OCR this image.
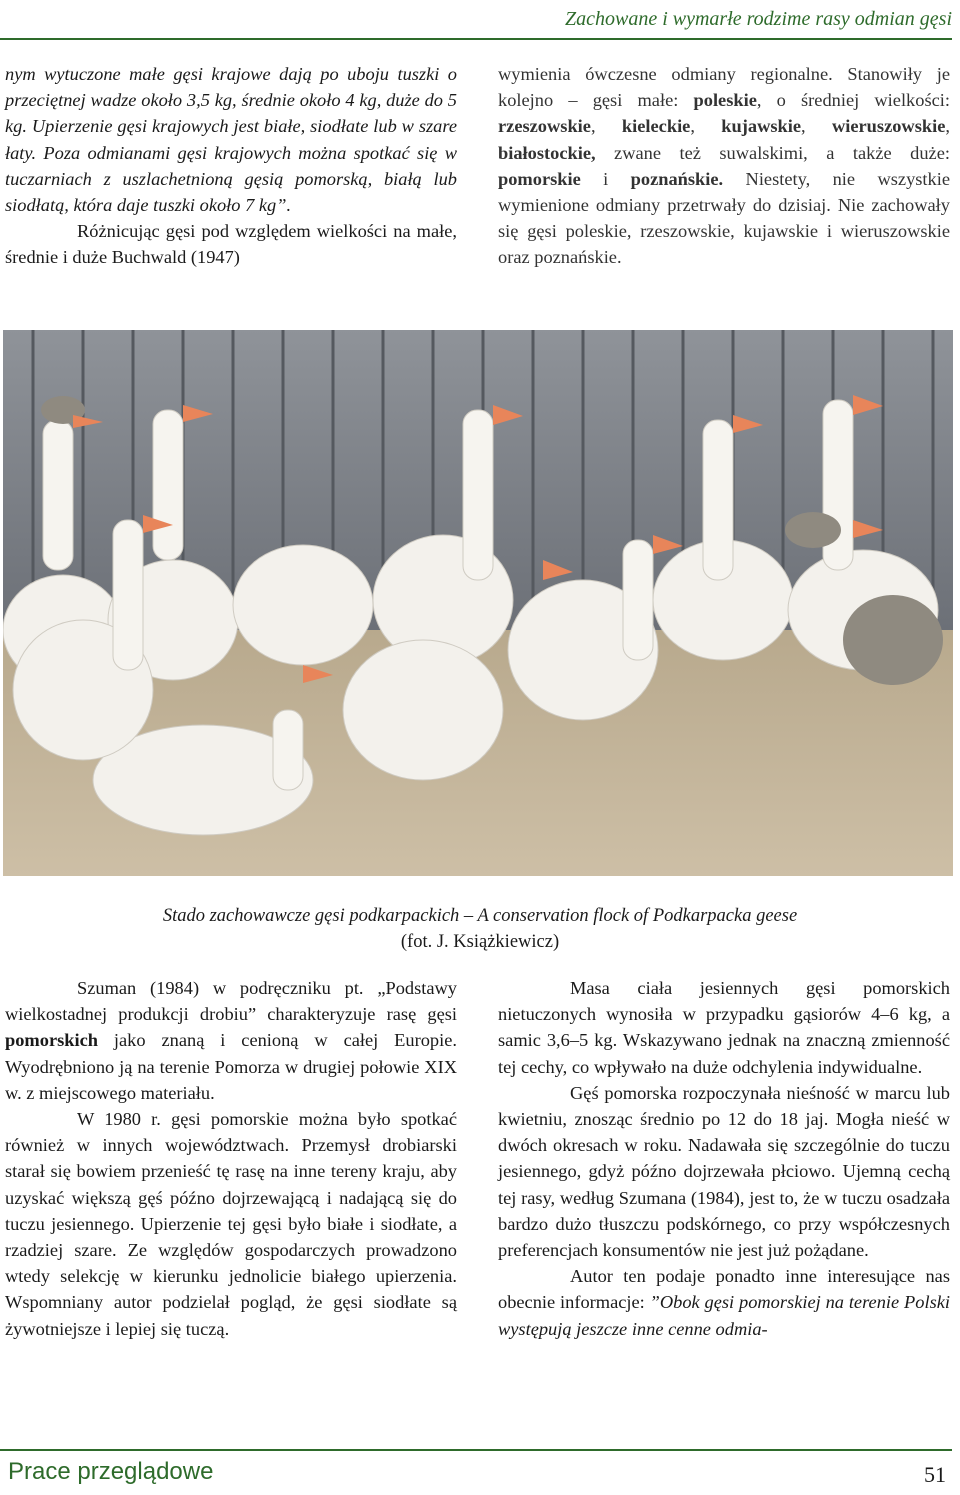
Zachowane i wymarłe rodzime rasy odmian gęsi

nym wytuczone małe gęsi krajowe dają po uboju tuszki o przeciętnej wadze około 3,5 kg, średnie około 4 kg, duże do 5 kg. Upierzenie gęsi krajowych jest białe, siodłate lub w szare łaty. Poza odmianami gęsi krajowych można spotkać się w tuczarniach z uszlachetnioną gęsią pomorską, białą lub siodłatą, która daje tuszki około 7 kg”.

Różnicując gęsi pod względem wielkości na małe, średnie i duże Buchwald (1947)

wymienia ówczesne odmiany regionalne. Stanowiły je kolejno – gęsi małe: poleskie, o średniej wielkości: rzeszowskie, kieleckie, kujawskie, wieruszowskie, białostockie, zwane też suwalskimi, a także duże: pomorskie i poznańskie. Niestety, nie wszystkie wymienione odmiany przetrwały do dzisiaj. Nie zachowały się gęsi poleskie, rzeszowskie, kujawskie i wieruszowskie oraz poznańskie.

Stado zachowawcze gęsi podkarpackich – A conservation flock of Podkarpacka geese
(fot. J. Książkiewicz)

Szuman (1984) w podręczniku pt. „Podstawy wielkostadnej produkcji drobiu” charakteryzuje rasę gęsi pomorskich jako znaną i cenioną w całej Europie. Wyodrębniono ją na terenie Pomorza w drugiej połowie XIX w. z miejscowego materiału.

W 1980 r. gęsi pomorskie można było spotkać również w innych województwach. Przemysł drobiarski starał się bowiem przenieść tę rasę na inne tereny kraju, aby uzyskać większą gęś późno dojrzewającą i nadającą się do tuczu jesiennego. Upierzenie tej gęsi było białe i siodłate, a rzadziej szare. Ze względów gospodarczych prowadzono wtedy selekcję w kierunku jednolicie białego upierzenia. Wspomniany autor podzielał pogląd, że gęsi siodłate są żywotniejsze i lepiej się tuczą.

Masa ciała jesiennych gęsi pomorskich nietuczonych wynosiła w przypadku gąsiorów 4–6 kg, a samic 3,6–5 kg. Wskazywano jednak na znaczną zmienność tej cechy, co wpływało na duże odchylenia indywidualne.

Gęś pomorska rozpoczynała nieśność w marcu lub kwietniu, znosząc średnio po 12 do 18 jaj. Mogła nieść w dwóch okresach w roku. Nadawała się szczególnie do tuczu jesiennego, gdyż późno dojrzewała płciowo. Ujemną cechą tej rasy, według Szumana (1984), jest to, że w tuczu osadzała bardzo dużo tłuszczu podskórnego, co przy współczesnych preferencjach konsumentów nie jest już pożądane.

Autor ten podaje ponadto inne interesujące nas obecnie informacje: ”Obok gęsi pomorskiej na terenie Polski występują jeszcze inne cenne odmia-

Prace przeglądowe	51
